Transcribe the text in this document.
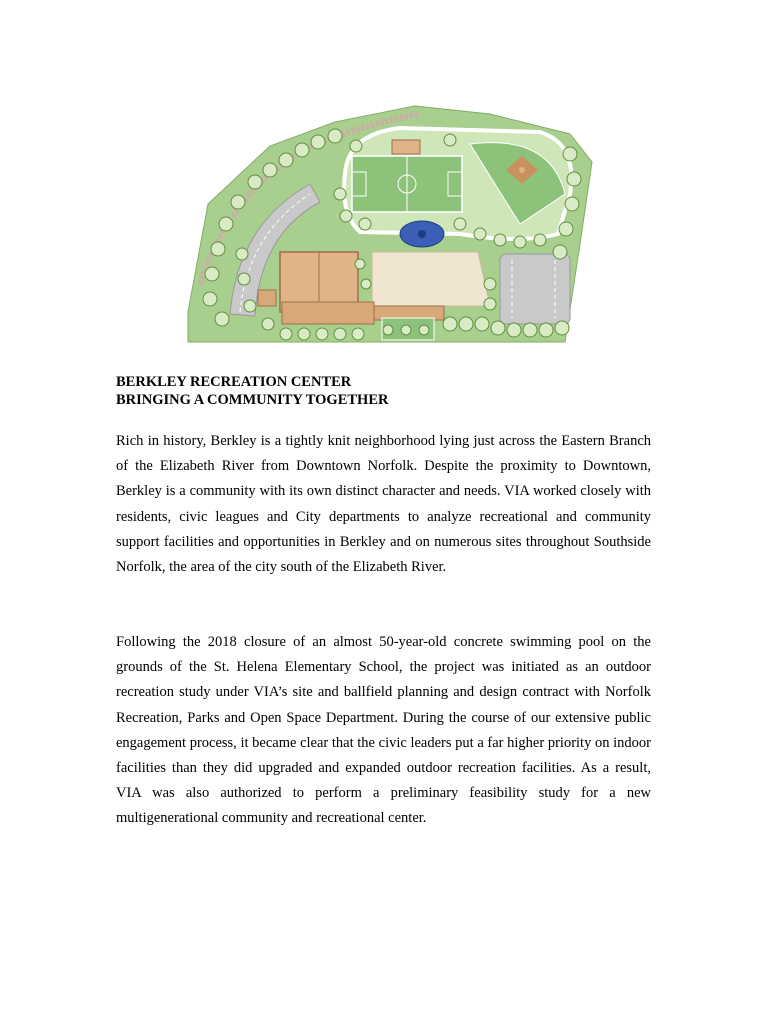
BERKLEY RECREATION CENTER
BRINGING A COMMUNITY TOGETHER

Rich in history, Berkley is a tightly knit neighborhood lying just across the Eastern Branch of the Elizabeth River from Downtown Norfolk. Despite the proximity to Downtown, Berkley is a community with its own distinct character and needs. VIA worked closely with residents, civic leagues and City departments to analyze recreational and community support facilities and opportunities in Berkley and on numerous sites throughout Southside Norfolk, the area of the city south of the Elizabeth River.

Following the 2018 closure of an almost 50-year-old concrete swimming pool on the grounds of the St. Helena Elementary School, the project was initiated as an outdoor recreation study under VIA’s site and ballfield planning and design contract with Norfolk Recreation, Parks and Open Space Department. During the course of our extensive public engagement process, it became clear that the civic leaders put a far higher priority on indoor facilities than they did upgraded and expanded outdoor recreation facilities. As a result, VIA was also authorized to perform a preliminary feasibility study for a new multigenerational community and recreational center.
